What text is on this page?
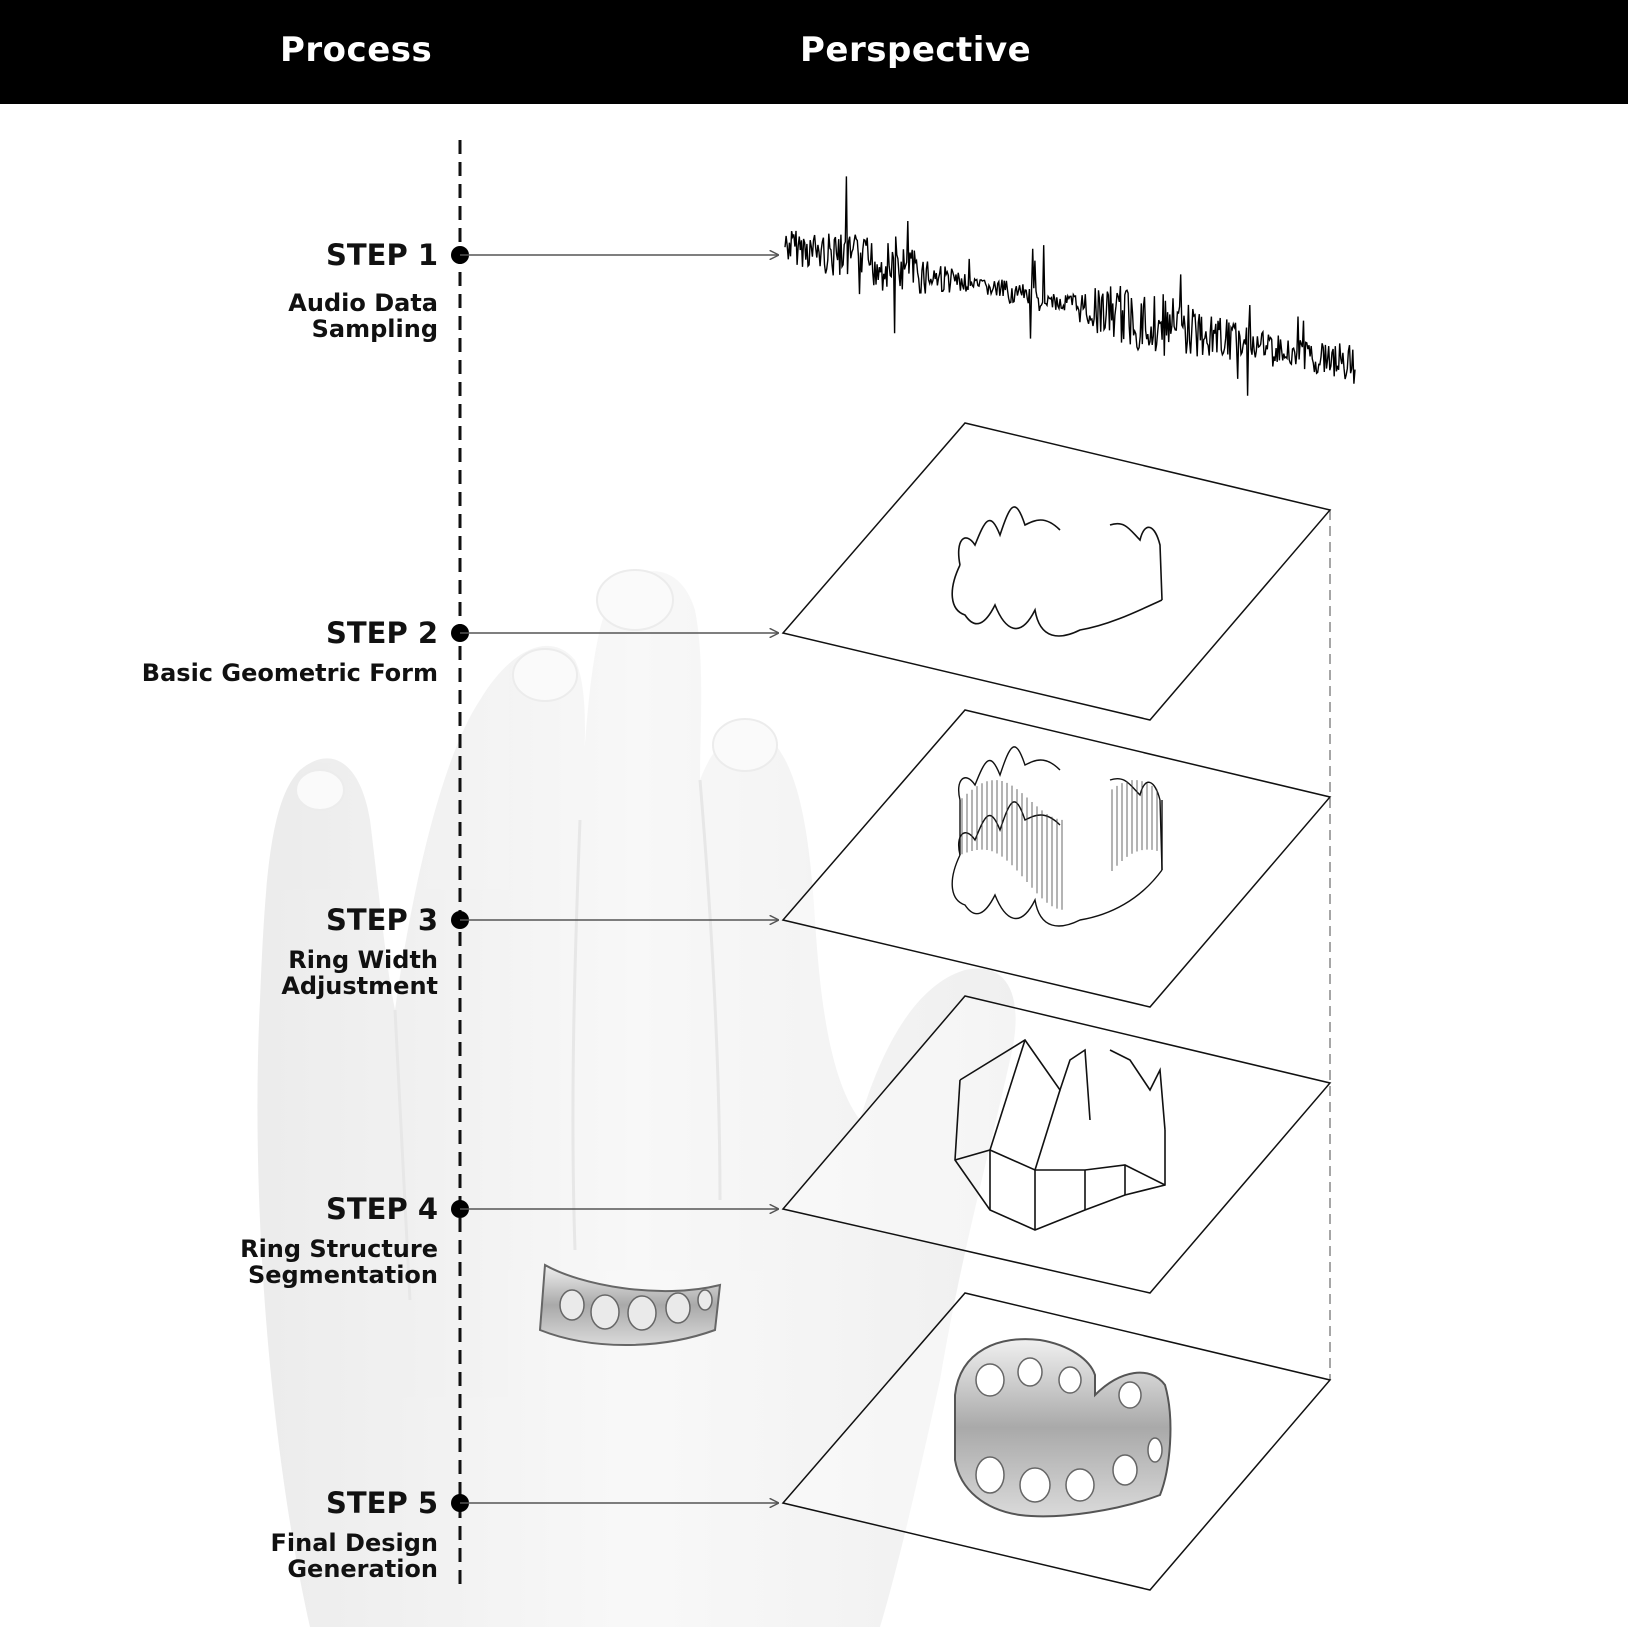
Process	Perspective
STEP 1
Audio Data
Sampling
STEP 2
Basic Geometric Form
STEP 3
Ring Width
Adjustment
STEP 4
Ring Structure
Segmentation
STEP 5
Final Design
Generation
